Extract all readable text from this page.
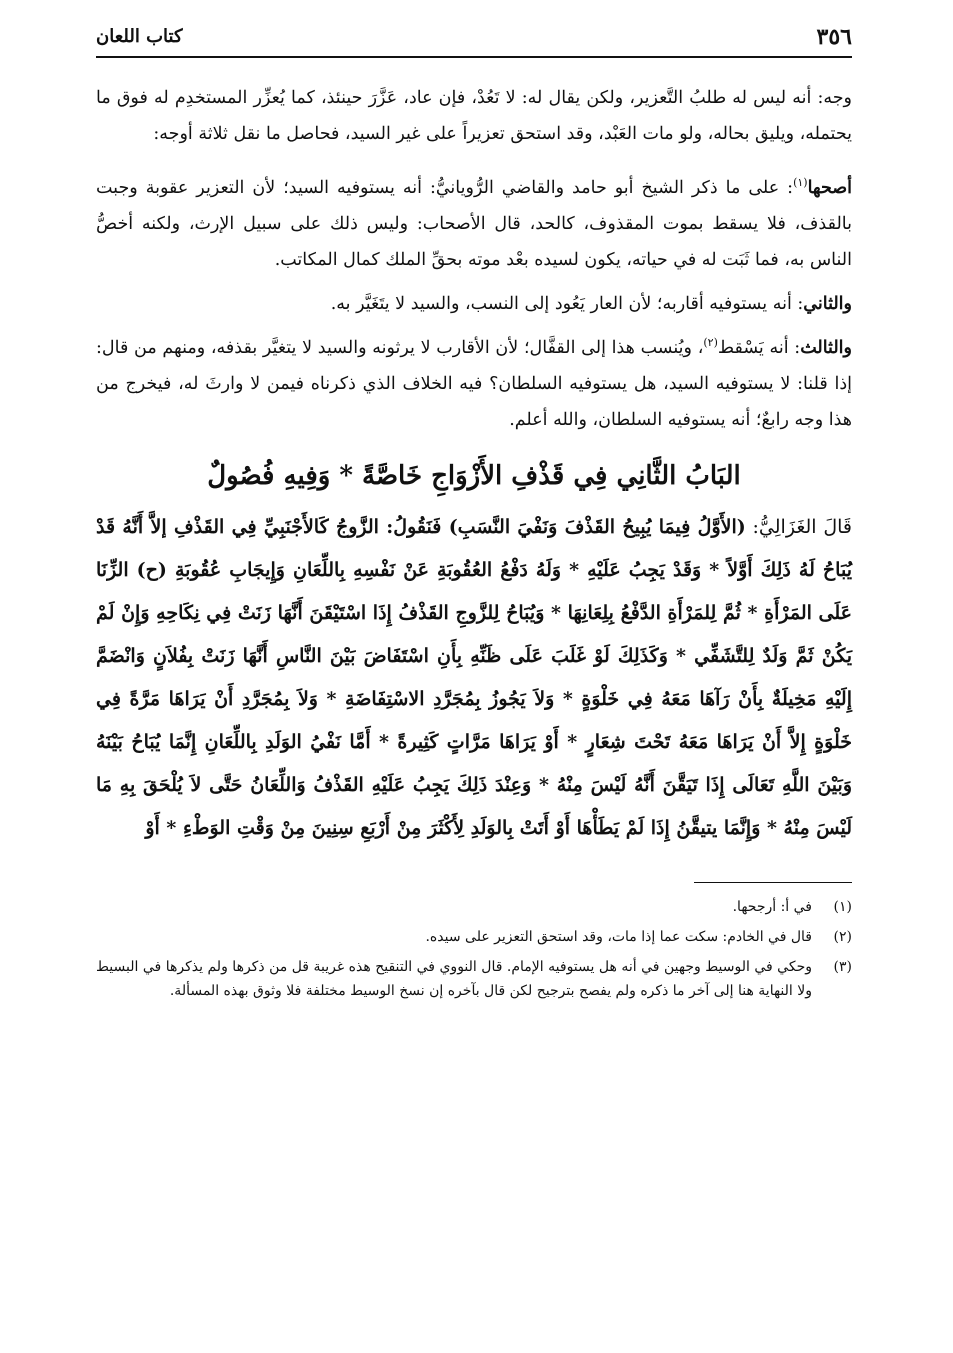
٣٥٦
كتاب اللعان

وجه: أنه ليس له طلبُ التَّعزير، ولكن يقال له: لا تَعُدْ، فإن عاد، عَزَّرَ حينئذ، كما يُعزِّر المستخدِم له فوق ما يحتمله، ويليق بحاله، ولو مات العَبْد، وقد استحق تعزيراً على غير السيد، فحاصل ما نقل ثلاثة أوجه:

أصحها$^{(١)}$: على ما ذكر الشيخ أبو حامد والقاضي الرُّويانيُّ: أنه يستوفيه السيد؛ لأن التعزير عقوبة وجبت بالقذف، فلا يسقط بموت المقذوف، كالحد، قال الأصحاب: وليس ذلك على سبيل الإرث، ولكنه أخصُّ الناس به، فما ثَبَت له في حياته، يكون لسيده بعْد موته بحقِّ الملك كمال المكاتب.

والثاني: أنه يستوفيه أقاربه؛ لأن العار يَعُود إلى النسب، والسيد لا يتَغَيَّر به.

والثالث: أنه يَسْقط$^{(٢)}$، ويُنسب هذا إلى القفَّال؛ لأن الأقارب لا يرثونه والسيد لا يتغيَّر بقذفه، ومنهم من قال: إذا قلنا: لا يستوفيه السيد، هل يستوفيه السلطان؟ فيه الخلاف الذي ذكرناه فيمن لا وارثَ له، فيخرج من هذا وجه رابعٌ؛ أنه يستوفيه السلطان، والله أعلم.

البَابُ الثَّانِي فِي قَذْفِ الأَزْوَاجِ خَاصَّةً * وَفِيهِ فُصُولٌ

قَالَ الغَزَالِيُّ: (الأَوَّلُ فِيمَا يُبِيحُ القَذْفَ وَنَفْيَ النَّسَبِ) فَنَقُولُ: الزَّوجُ كَالأَجْنَبِيِّ فِي القَذْفِ إلاَّ أَنَّهُ قَدْ يُبَاحُ لَهُ ذَلِكَ أَوَّلاً * وَقَدْ يَجِبُ عَلَيْهِ * وَلَهُ دَفْعُ العُقُوبَةِ عَنْ نَفْسِهِ بِاللِّعَانِ وَإِيجَابِ عُقُوبَةِ (ح) الزِّنَا عَلَى المَرْأَةِ * ثُمَّ لِلمَرْأَةِ الدَّفْعُ بِلِعَانِهَا * وَيُبَاحُ لِلزَّوجِ القَذْفُ إِذَا اسْتَيْقَنَ أَنَّهَا زَنَتْ فِي نِكَاحِهِ وَإِنْ لَمْ يَكُنْ ثَمَّ وَلَدٌ لِلتَّشَفِّي * وَكَذَلِكَ لَوْ غَلَبَ عَلَى ظَنِّهِ بِأَنِ اسْتَفَاضَ بَيْنَ النَّاسِ أَنَّهَا زَنَتْ بِفُلاَنٍ وَانْضَمَّ إِلَيْهِ مَخِيلَةٌ بِأَنْ رَآهَا مَعَهُ فِي خَلْوَةٍ * وَلاَ يَجُوزُ بِمُجَرَّدِ الاسْتِفَاضَةِ * وَلاَ بِمُجَرَّدِ أَنْ يَرَاهَا مَرَّةً فِي خَلْوَةٍ إِلاَّ أَنْ يَرَاهَا مَعَهُ تَحْتَ شِعَارٍ * أَوْ يَرَاهَا مَرَّاتٍ كَثِيرةً * أَمَّا نَفْيُ الوَلَدِ بِاللِّعَانِ إِنَّمَا يُبَاحُ بَيْنَهُ وَبَيْنَ اللَّهِ تَعَالَى إِذَا تَيَقَّنَ أَنَّهُ لَيْسَ مِنْهُ * وَعِنْدَ ذَلِكَ يَجِبُ عَلَيْهِ القَذْفُ وَاللِّعَانُ حَتَّى لاَ يُلْحَقَ بِهِ مَا لَيْسَ مِنْهُ * وَإِنَّمَا يتيقَّنُ إِذَا لَمْ يَطَأْهَا أَوْ أَتَتْ بِالوَلَدِ لِأَكْثَرَ مِنْ أَرْبَعِ سِنِينَ مِنْ وَقْتِ الوَطْءِ * أَوْ

(١)
في أ: أرجحها.
(٢)
قال في الخادم: سكت عما إذا مات، وقد استحق التعزير على سيده.
(٣)
وحكي في الوسيط وجهين في أنه هل يستوفيه الإمام. قال النووي في التنقيح هذه غريبة قل من ذكرها ولم يذكرها في البسيط ولا النهاية هنا إلى آخر ما ذكره ولم يفصح بترجيح لكن قال بآخره إن نسخ الوسيط مختلفة فلا وثوق بهذه المسألة.
